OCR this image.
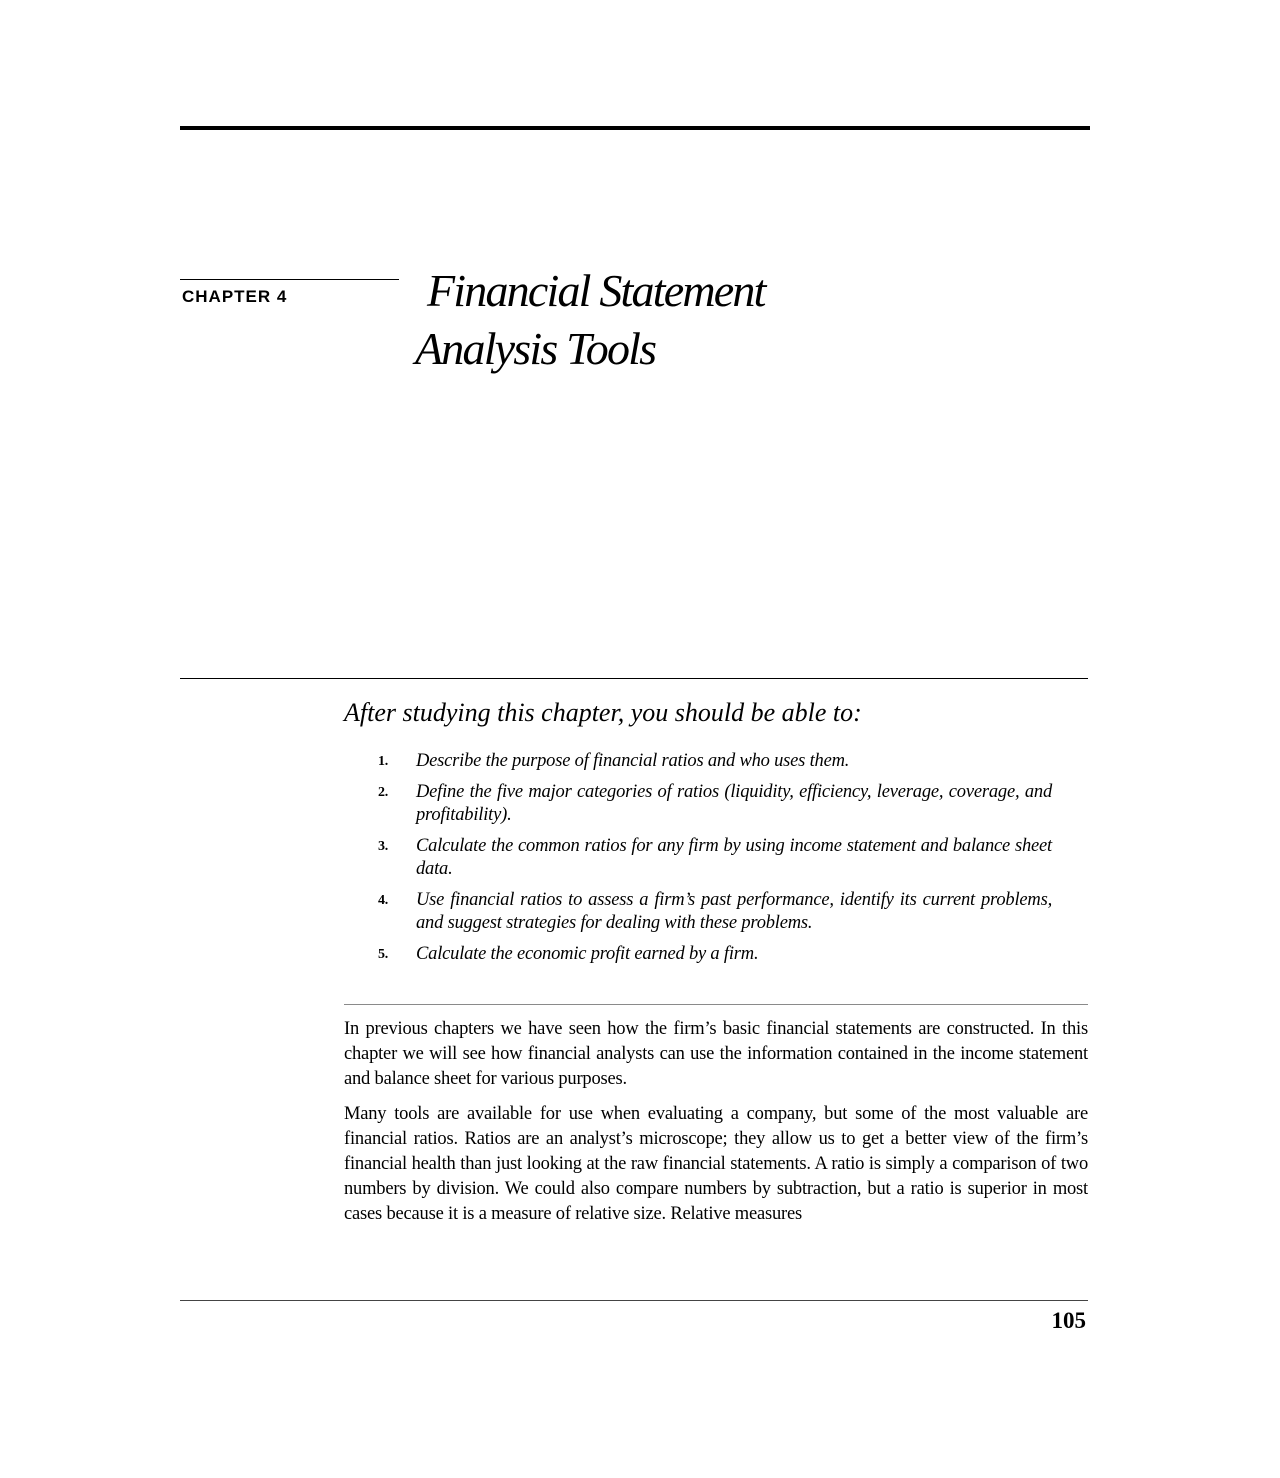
CHAPTER 4	Financial Statement
Analysis Tools
After studying this chapter, you should be able to:
1. Describe the purpose of financial ratios and who uses them.
2. Define the five major categories of ratios (liquidity, efficiency, leverage, coverage, and profitability).
3. Calculate the common ratios for any firm by using income statement and balance sheet data.
4. Use financial ratios to assess a firm’s past performance, identify its current problems, and suggest strategies for dealing with these problems.
5. Calculate the economic profit earned by a firm.

In previous chapters we have seen how the firm’s basic financial statements are constructed. In this chapter we will see how financial analysts can use the information contained in the income statement and balance sheet for various purposes.

Many tools are available for use when evaluating a company, but some of the most valuable are financial ratios. Ratios are an analyst’s microscope; they allow us to get a better view of the firm’s financial health than just looking at the raw financial statements. A ratio is simply a comparison of two numbers by division. We could also compare numbers by subtraction, but a ratio is superior in most cases because it is a measure of relative size. Relative measures

105
